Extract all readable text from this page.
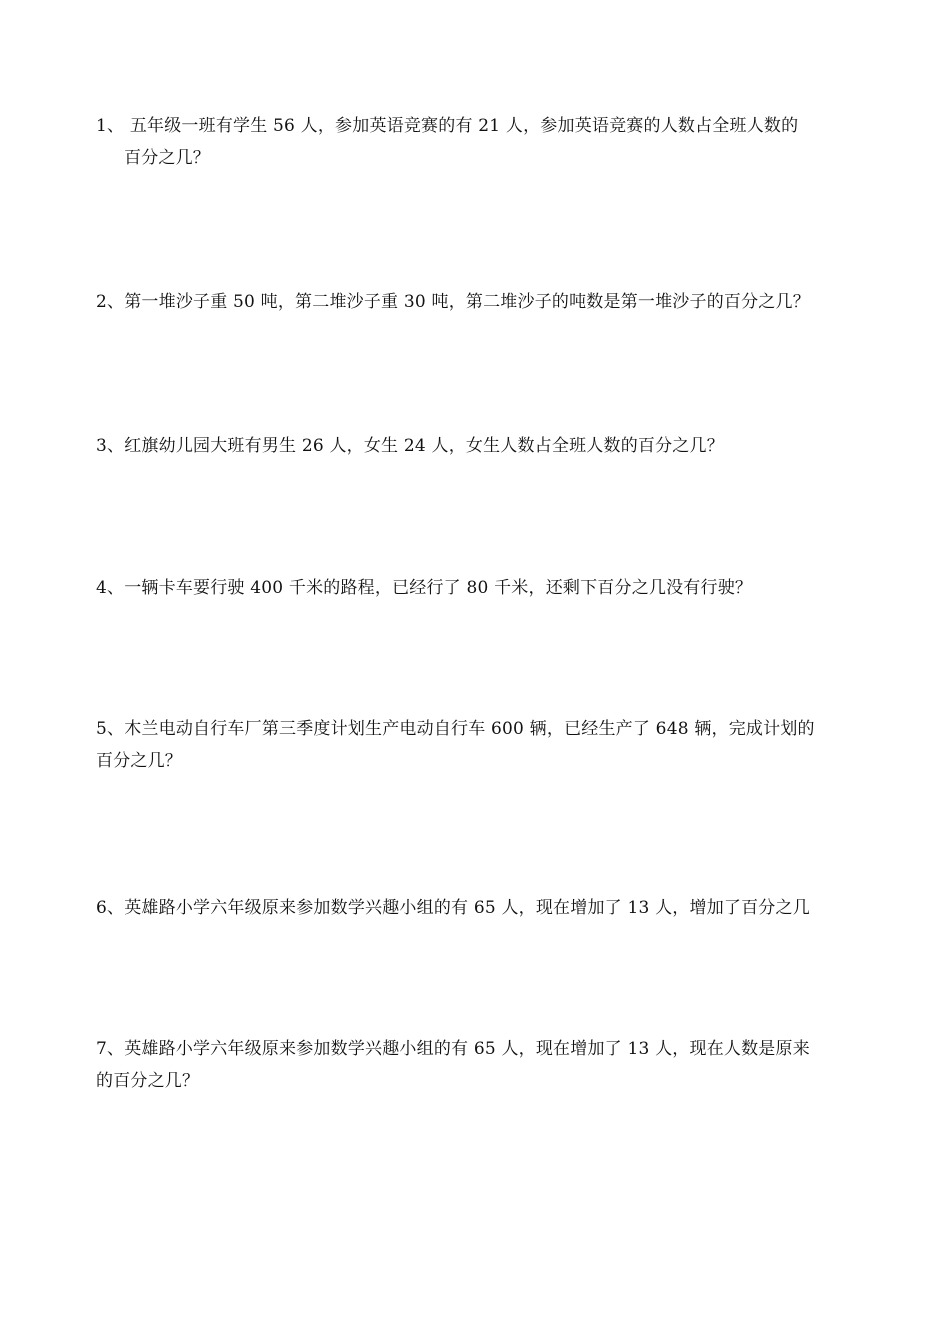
1、 五年级一班有学生 56 人，参加英语竞赛的有 21 人，参加英语竞赛的人数占全班人数的
百分之几？
2、第一堆沙子重 50 吨，第二堆沙子重 30 吨，第二堆沙子的吨数是第一堆沙子的百分之几？
3、红旗幼儿园大班有男生 26 人，女生 24 人，女生人数占全班人数的百分之几？
4、一辆卡车要行驶 400 千米的路程，已经行了 80 千米，还剩下百分之几没有行驶？
5、木兰电动自行车厂第三季度计划生产电动自行车 600 辆，已经生产了 648 辆，完成计划的
百分之几？
6、英雄路小学六年级原来参加数学兴趣小组的有 65 人，现在增加了 13 人，增加了百分之几
7、英雄路小学六年级原来参加数学兴趣小组的有 65 人，现在增加了 13 人，现在人数是原来
的百分之几？
